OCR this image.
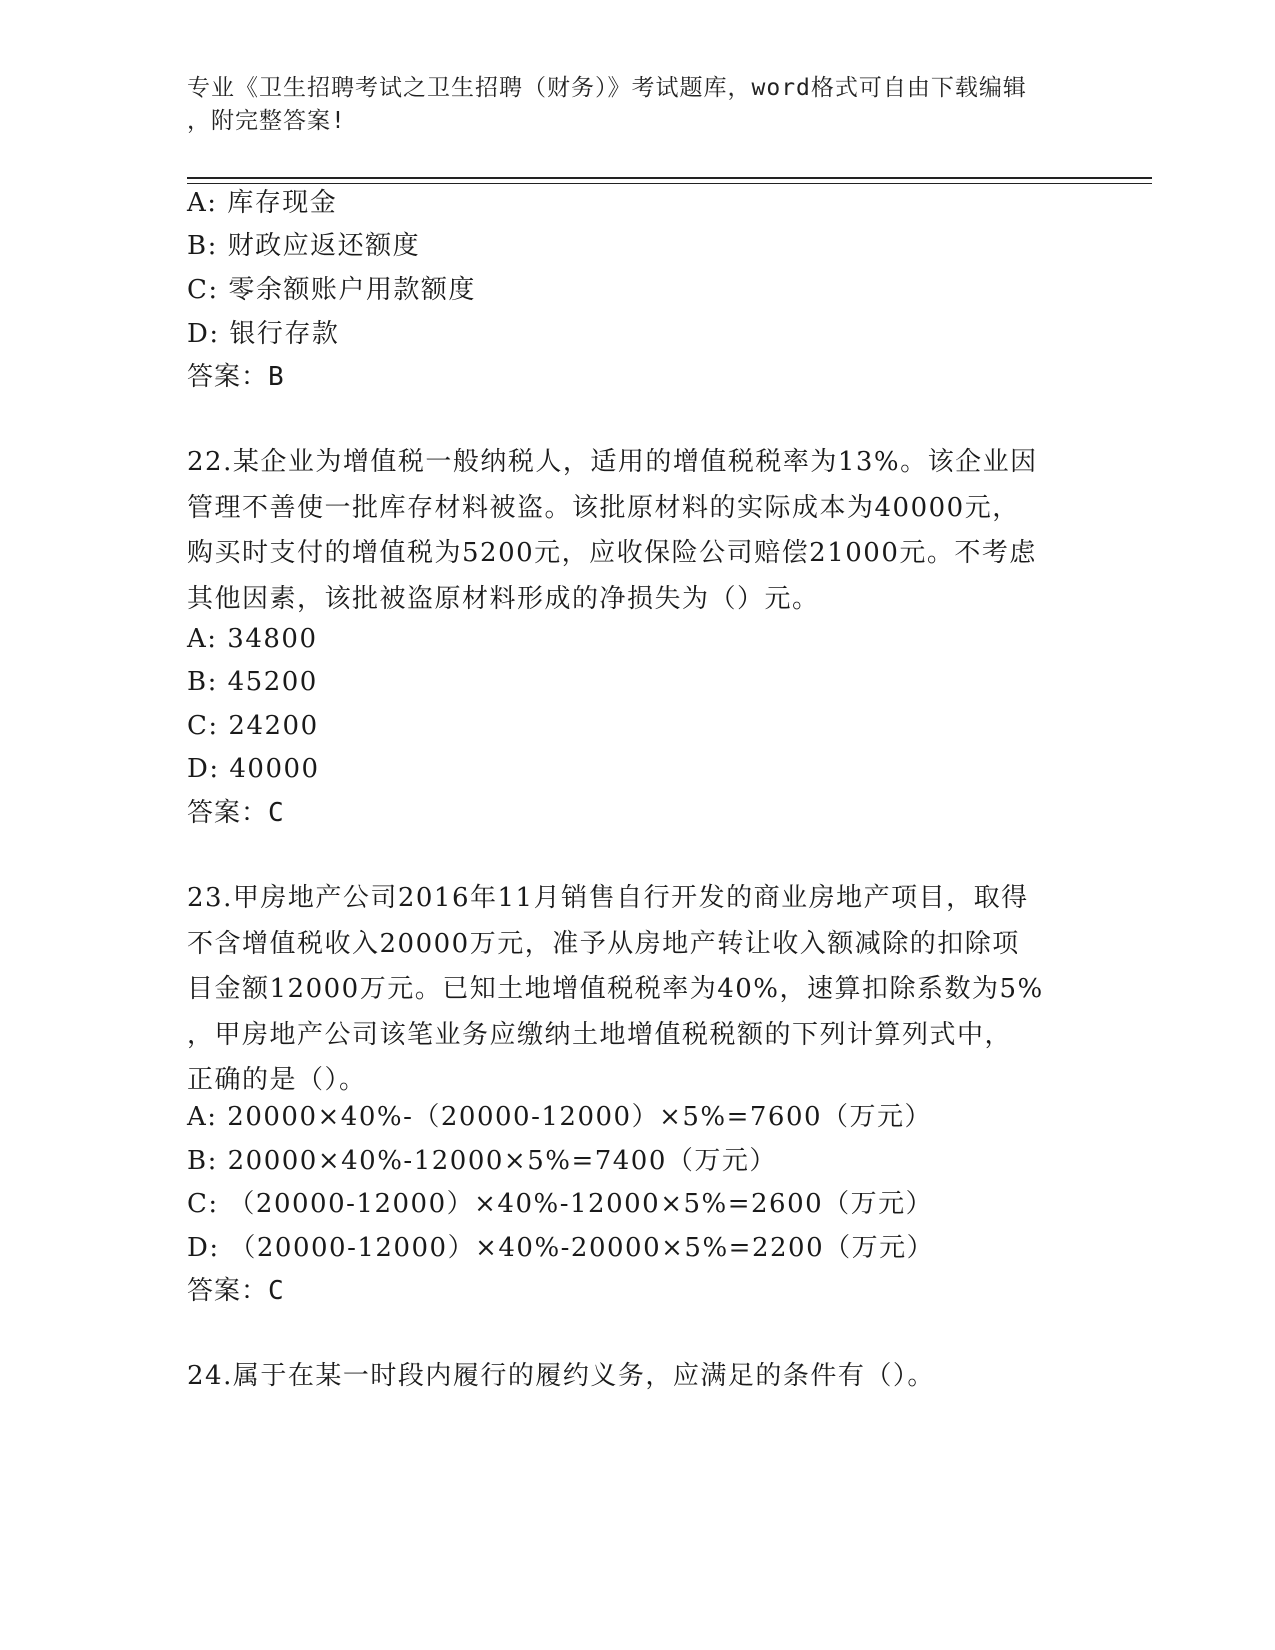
专业《卫生招聘考试之卫生招聘（财务）》考试题库，word格式可自由下载编辑
，附完整答案!
A: 库存现金
B: 财政应返还额度
C: 零余额账户用款额度
D: 银行存款
答案：B
22.某企业为增值税一般纳税人，适用的增值税税率为13%。该企业因
管理不善使一批库存材料被盗。该批原材料的实际成本为40000元，
购买时支付的增值税为5200元，应收保险公司赔偿21000元。不考虑
其他因素，该批被盗原材料形成的净损失为（）元。
A: 34800
B: 45200
C: 24200
D: 40000
答案：C
23.甲房地产公司2016年11月销售自行开发的商业房地产项目，取得
不含增值税收入20000万元，准予从房地产转让收入额减除的扣除项
目金额12000万元。已知土地增值税税率为40%，速算扣除系数为5%
，甲房地产公司该笔业务应缴纳土地增值税税额的下列计算列式中，
正确的是（）。
A: 20000×40%-（20000-12000）×5%=7600（万元）
B: 20000×40%-12000×5%=7400（万元）
C: （20000-12000）×40%-12000×5%=2600（万元）
D: （20000-12000）×40%-20000×5%=2200（万元）
答案：C
24.属于在某一时段内履行的履约义务，应满足的条件有（）。
